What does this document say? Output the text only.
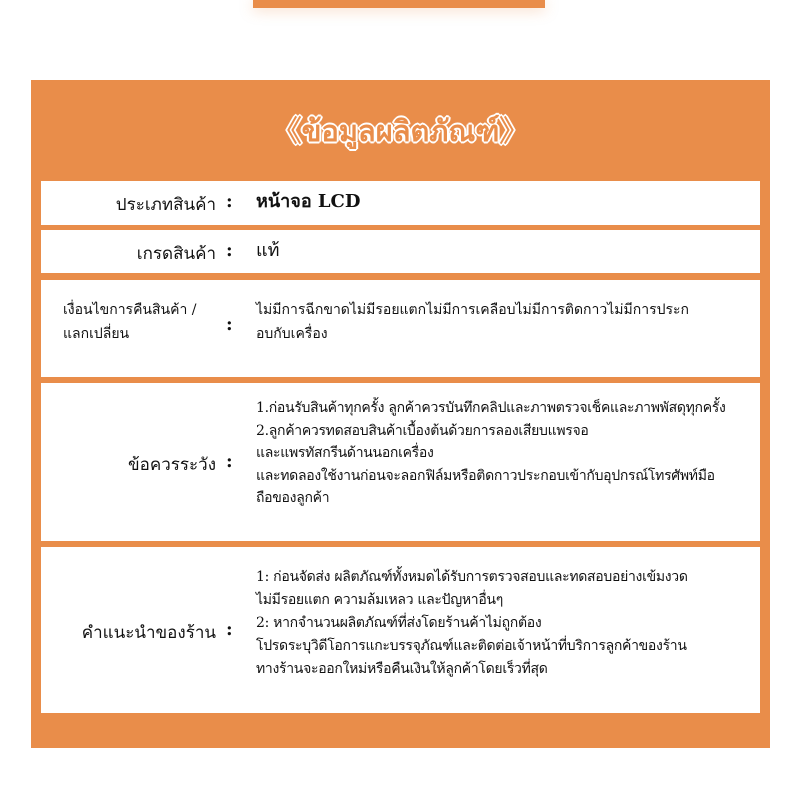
《ข้อมูลผลิตภัณฑ์》
ประเภทสินค้า : หน้าจอ LCD
เกรดสินค้า : แท้
เงื่อนไขการคืนสินค้า /
แลกเปลี่ยน	:
ไม่มีการฉีกขาดไม่มีรอยแตกไม่มีการเคลือบไม่มีการติดกาวไม่มีการประก
อบกับเครื่อง
ข้อควรระวัง :
1.ก่อนรับสินค้าทุกครั้ง ลูกค้าควรบันทึกคลิปและภาพตรวจเช็คและภาพพัสดุทุกครั้ง
2.ลูกค้าควรทดสอบสินค้าเบื้องต้นด้วยการลองเสียบแพรจอ
และแพรทัสกรีนด้านนอกเครื่อง
และทดลองใช้งานก่อนจะลอกฟิล์มหรือติดกาวประกอบเข้ากับอุปกรณ์โทรศัพท์มือ
ถือของลูกค้า
คำแนะนำของร้าน :
1: ก่อนจัดส่ง ผลิตภัณฑ์ทั้งหมดได้รับการตรวจสอบและทดสอบอย่างเข้มงวด
ไม่มีรอยแตก ความล้มเหลว และปัญหาอื่นๆ
2: หากจำนวนผลิตภัณฑ์ที่ส่งโดยร้านค้าไม่ถูกต้อง
โปรดระบุวิดีโอการแกะบรรจุภัณฑ์และติดต่อเจ้าหน้าที่บริการลูกค้าของร้าน
ทางร้านจะออกใหม่หรือคืนเงินให้ลูกค้าโดยเร็วที่สุด
